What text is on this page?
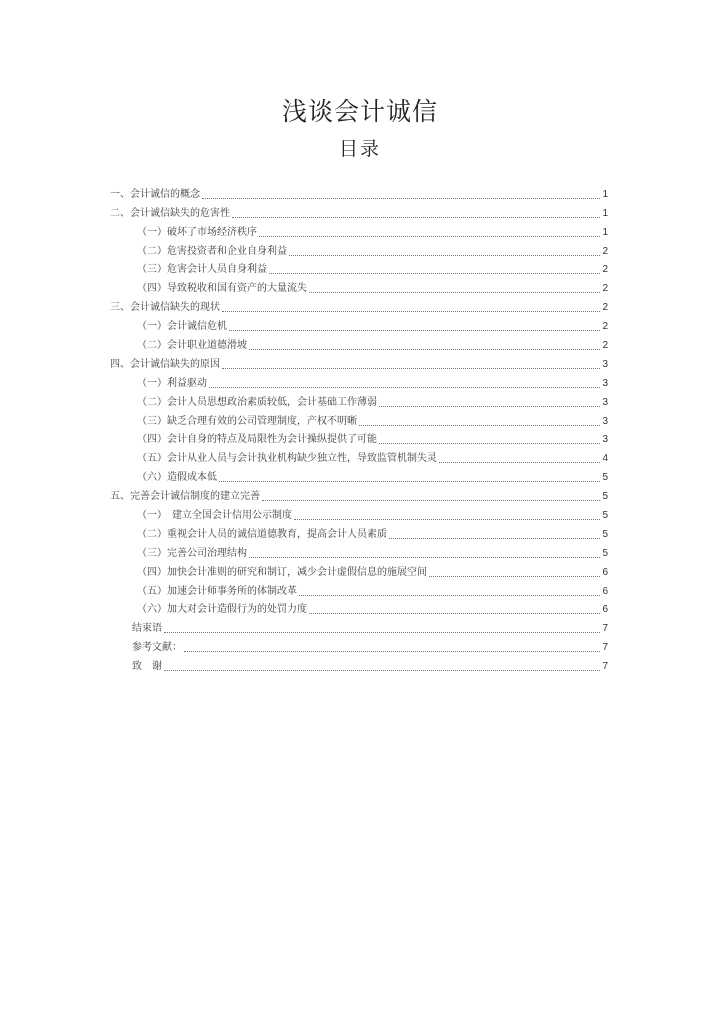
浅谈会计诚信
目录
一、会计诚信的概念	1
二、会计诚信缺失的危害性	1
（一）破坏了市场经济秩序	1
（二）危害投资者和企业自身利益	2
（三）危害会计人员自身利益	2
（四）导致税收和国有资产的大量流失	2
三、会计诚信缺失的现状	2
（一）会计诚信危机	2
（二）会计职业道德滑坡	2
四、会计诚信缺失的原因	3
（一）利益驱动	3
（二）会计人员思想政治素质较低，会计基础工作薄弱	3
（三）缺乏合理有效的公司管理制度，产权不明晰	3
（四）会计自身的特点及局限性为会计操纵提供了可能	3
（五）会计从业人员与会计执业机构缺少独立性，导致监管机制失灵	4
（六）造假成本低	5
五、完善会计诚信制度的建立完善	5
（一）　建立全国会计信用公示制度	5
（二）重视会计人员的诚信道德教育，提高会计人员素质	5
（三）完善公司治理结构	5
（四）加快会计准则的研究和制订，减少会计虚假信息的施展空间	6
（五）加速会计师事务所的体制改革	6
（六）加大对会计造假行为的处罚力度	6
结束语	7
参考文献：	7
致　谢	7
